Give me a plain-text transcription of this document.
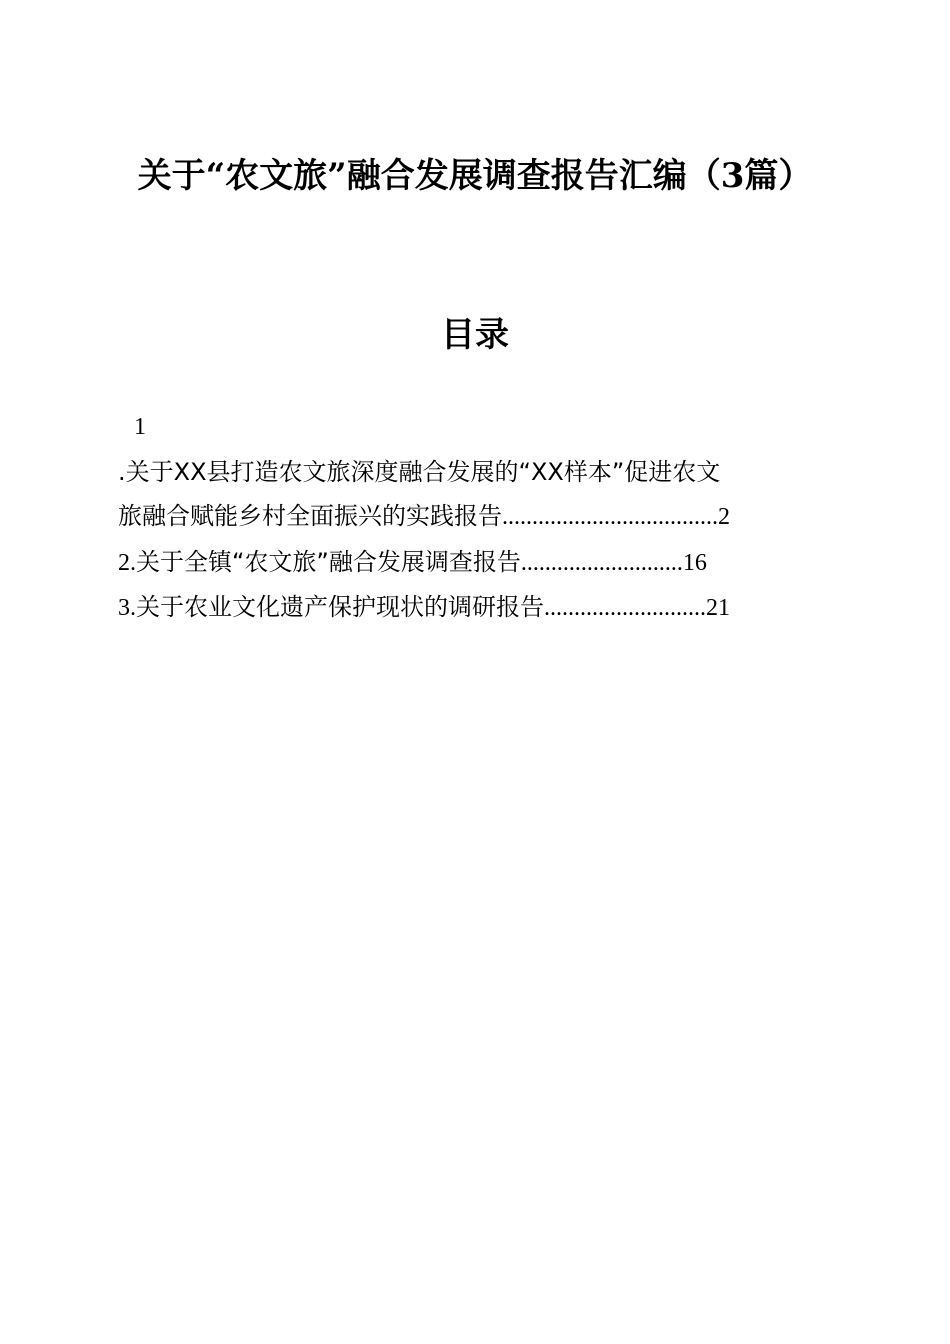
关于“农文旅”融合发展调查报告汇编（3篇）
目录
1
.关于XX县打造农文旅深度融合发展的“XX样本”促进农文
旅融合赋能乡村全面振兴的实践报告....................................2
2.关于全镇“农文旅”融合发展调查报告...........................16
3.关于农业文化遗产保护现状的调研报告...........................21
